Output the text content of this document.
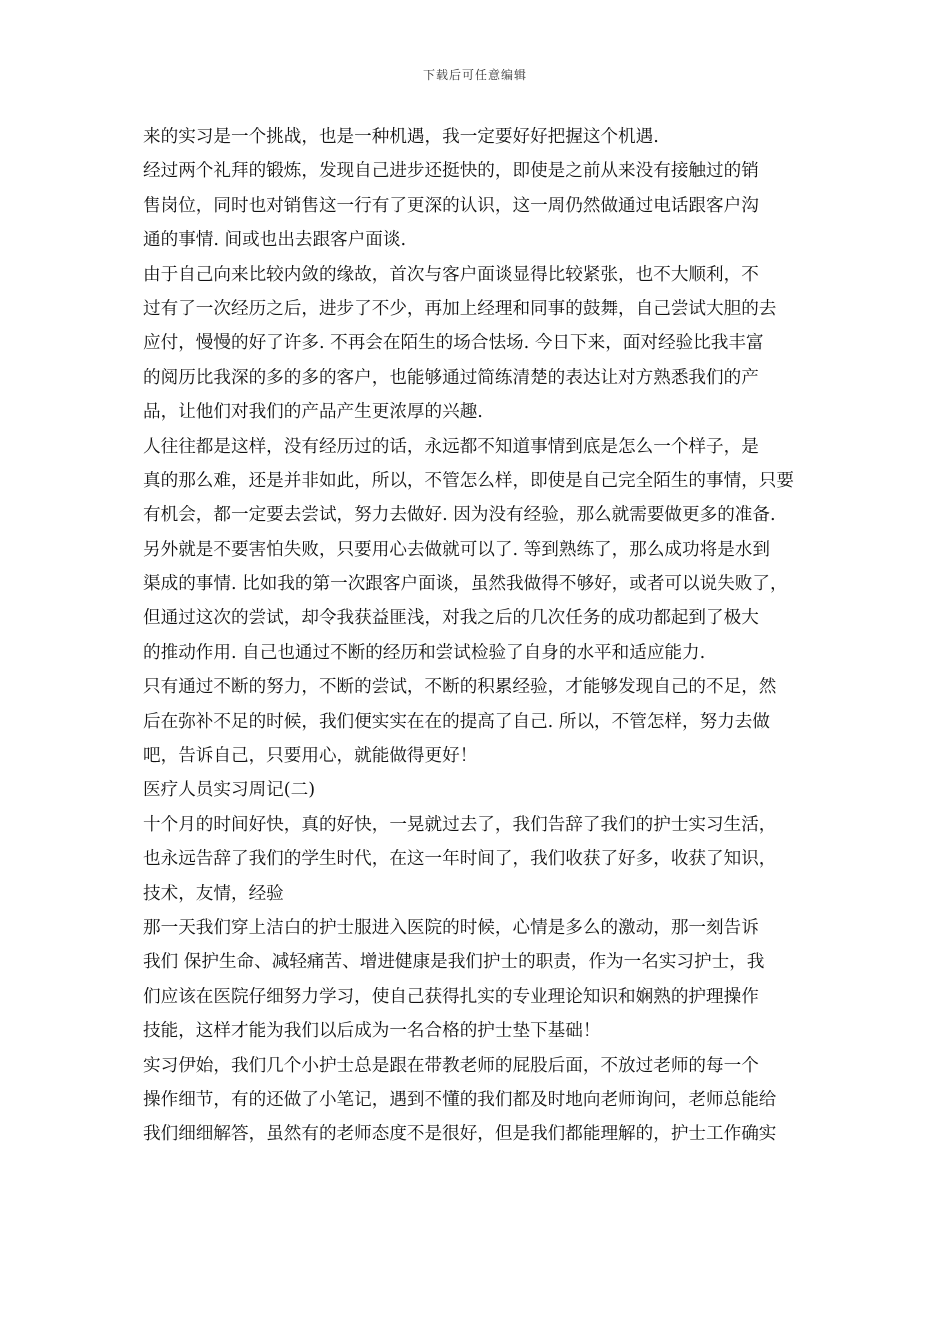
下载后可任意编辑
来的实习是一个挑战，也是一种机遇，我一定要好好把握这个机遇.
经过两个礼拜的锻炼，发现自己进步还挺快的，即使是之前从来没有接触过的销
售岗位，同时也对销售这一行有了更深的认识，这一周仍然做通过电话跟客户沟
通的事情. 间或也出去跟客户面谈.
由于自己向来比较内敛的缘故，首次与客户面谈显得比较紧张，也不大顺利，不
过有了一次经历之后，进步了不少，再加上经理和同事的鼓舞，自己尝试大胆的去
应付，慢慢的好了许多. 不再会在陌生的场合怯场. 今日下来，面对经验比我丰富
的阅历比我深的多的多的客户，也能够通过简练清楚的表达让对方熟悉我们的产
品，让他们对我们的产品产生更浓厚的兴趣.
人往往都是这样，没有经历过的话，永远都不知道事情到底是怎么一个样子，是
真的那么难，还是并非如此，所以，不管怎么样，即使是自己完全陌生的事情，只要
有机会，都一定要去尝试，努力去做好. 因为没有经验，那么就需要做更多的准备.
另外就是不要害怕失败，只要用心去做就可以了. 等到熟练了，那么成功将是水到
渠成的事情. 比如我的第一次跟客户面谈，虽然我做得不够好，或者可以说失败了，
但通过这次的尝试，却令我获益匪浅，对我之后的几次任务的成功都起到了极大
的推动作用. 自己也通过不断的经历和尝试检验了自身的水平和适应能力.
只有通过不断的努力，不断的尝试，不断的积累经验，才能够发现自己的不足，然
后在弥补不足的时候，我们便实实在在的提高了自己. 所以，不管怎样，努力去做
吧，告诉自己，只要用心，就能做得更好！
医疗人员实习周记(二)
十个月的时间好快，真的好快，一晃就过去了，我们告辞了我们的护士实习生活，
也永远告辞了我们的学生时代，在这一年时间了，我们收获了好多，收获了知识，
技术，友情，经验
那一天我们穿上洁白的护士服进入医院的时候，心情是多么的激动，那一刻告诉
我们 保护生命、减轻痛苦、增进健康是我们护士的职责，作为一名实习护士，我
们应该在医院仔细努力学习，使自己获得扎实的专业理论知识和娴熟的护理操作
技能，这样才能为我们以后成为一名合格的护士垫下基础！
实习伊始，我们几个小护士总是跟在带教老师的屁股后面，不放过老师的每一个
操作细节，有的还做了小笔记，遇到不懂的我们都及时地向老师询问，老师总能给
我们细细解答，虽然有的老师态度不是很好，但是我们都能理解的，护士工作确实
